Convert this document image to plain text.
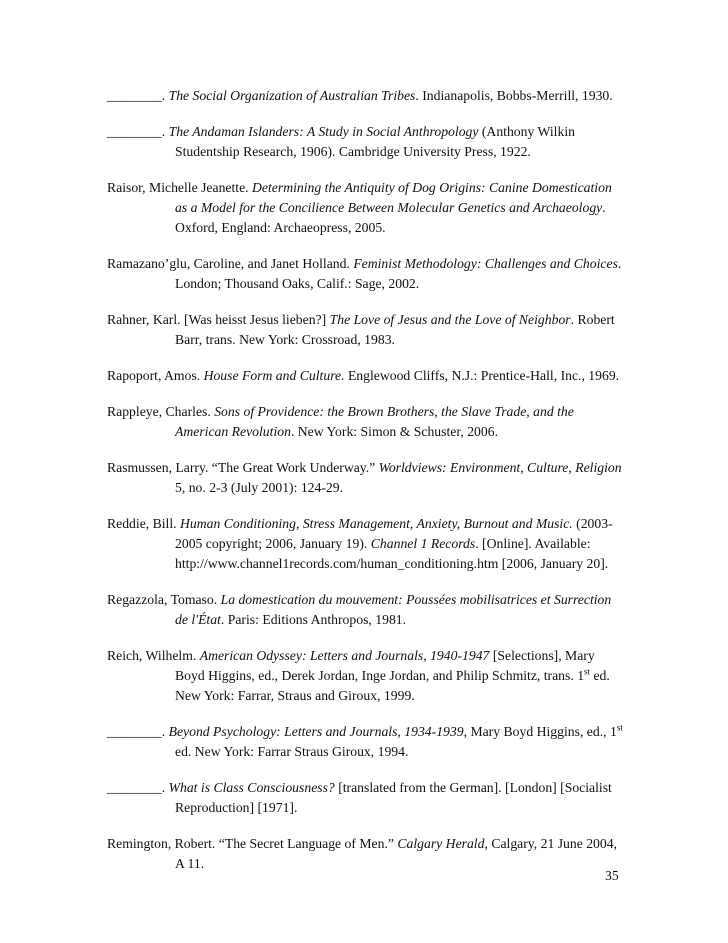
________. The Social Organization of Australian Tribes. Indianapolis, Bobbs-Merrill, 1930.
________. The Andaman Islanders: A Study in Social Anthropology (Anthony Wilkin Studentship Research, 1906). Cambridge University Press, 1922.
Raisor, Michelle Jeanette. Determining the Antiquity of Dog Origins: Canine Domestication as a Model for the Concilience Between Molecular Genetics and Archaeology. Oxford, England: Archaeopress, 2005.
Ramazano’glu, Caroline, and Janet Holland. Feminist Methodology: Challenges and Choices. London; Thousand Oaks, Calif.: Sage, 2002.
Rahner, Karl. [Was heisst Jesus lieben?] The Love of Jesus and the Love of Neighbor. Robert Barr, trans. New York: Crossroad, 1983.
Rapoport, Amos. House Form and Culture. Englewood Cliffs, N.J.: Prentice-Hall, Inc., 1969.
Rappleye, Charles. Sons of Providence: the Brown Brothers, the Slave Trade, and the American Revolution. New York: Simon & Schuster, 2006.
Rasmussen, Larry. “The Great Work Underway.” Worldviews: Environment, Culture, Religion 5, no. 2-3 (July 2001): 124-29.
Reddie, Bill. Human Conditioning, Stress Management, Anxiety, Burnout and Music. (2003-2005 copyright; 2006, January 19). Channel 1 Records. [Online]. Available: http://www.channel1records.com/human_conditioning.htm [2006, January 20].
Regazzola, Tomaso. La domestication du mouvement: Poussées mobilisatrices et Surrection de l'État. Paris: Editions Anthropos, 1981.
Reich, Wilhelm. American Odyssey: Letters and Journals, 1940-1947 [Selections], Mary Boyd Higgins, ed., Derek Jordan, Inge Jordan, and Philip Schmitz, trans. 1st ed. New York: Farrar, Straus and Giroux, 1999.
________. Beyond Psychology: Letters and Journals, 1934-1939, Mary Boyd Higgins, ed., 1st ed. New York: Farrar Straus Giroux, 1994.
________. What is Class Consciousness? [translated from the German]. [London] [Socialist Reproduction] [1971].
Remington, Robert. “The Secret Language of Men.” Calgary Herald, Calgary, 21 June 2004, A 11.
35
